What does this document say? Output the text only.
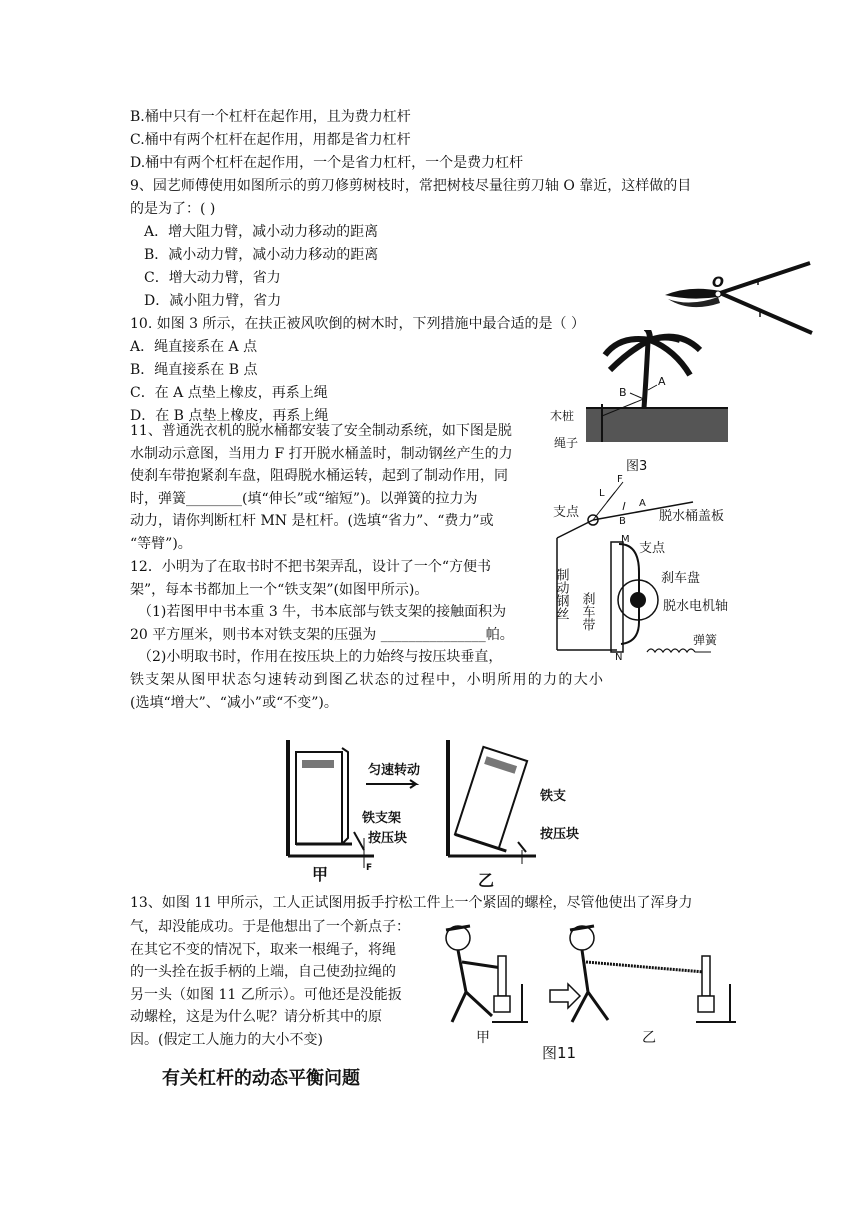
B.桶中只有一个杠杆在起作用，且为费力杠杆
C.桶中有两个杠杆在起作用，用都是省力杠杆
D.桶中有两个杠杆在起作用，一个是省力杠杆，一个是费力杠杆
9、园艺师傅使用如图所示的剪刀修剪树枝时，常把树枝尽量往剪刀轴 O 靠近，这样做的目
的是为了：( )
A．增大阻力臂，减小动力移动的距离
B．减小动力臂，减小动力移动的距离
C．增大动力臂，省力
D．减小阻力臂，省力
O
10. 如图 3 所示，在扶正被风吹倒的树木时，下列措施中最合适的是（ ）
A．绳直接系在 A 点
B．绳直接系在 B 点
C．在 A 点垫上橡皮，再系上绳
D．在 B 点垫上橡皮，再系上绳
A
B
木桩
绳子
图3
11、普通洗衣机的脱水桶都安装了安全制动系统，如下图是脱
水制动示意图，当用力 F 打开脱水桶盖时，制动钢丝产生的力
使刹车带抱紧刹车盘，阻碍脱水桶运转，起到了制动作用，同
时，弹簧________(填“伸长”或“缩短”)。以弹簧的拉力为
动力，请你判断杠杆 MN 是杠杆。(选填“省力”、“费力”或
“等臂”)。
支点
F
L
A
B	脱水桶盖板
M
支点
制动钢丝 刹车带
刹车盘
脱水电机轴
弹簧
N
12．小明为了在取书时不把书架弄乱，设计了一个“方便书
架”，每本书都加上一个“铁支架”(如图甲所示)。
（1)若图甲中书本重 3 牛，书本底部与铁支架的接触面积为
20 平方厘米，则书本对铁支架的压强为 _______________帕。
（2)小明取书时，作用在按压块上的力始终与按压块垂直，
铁支架从图甲状态匀速转动到图乙状态的过程中，小明所用的力的大小
(选填“增大”、“减小”或“不变”)。
F
铁支架
按压块
匀速转动
甲
铁支
按压块
乙
13、如图 11 甲所示，工人正试图用扳手拧松工件上一个紧固的螺栓，尽管他使出了浑身力
气，却没能成功。于是他想出了一个新点子：
在其它不变的情况下，取来一根绳子，将绳
的一头拴在扳手柄的上端，自己使劲拉绳的
另一头（如图 11 乙所示）。可他还是没能扳
动螺栓，这是为什么呢？请分析其中的原
因。(假定工人施力的大小不变)	甲
图11
乙
有关杠杆的动态平衡问题
